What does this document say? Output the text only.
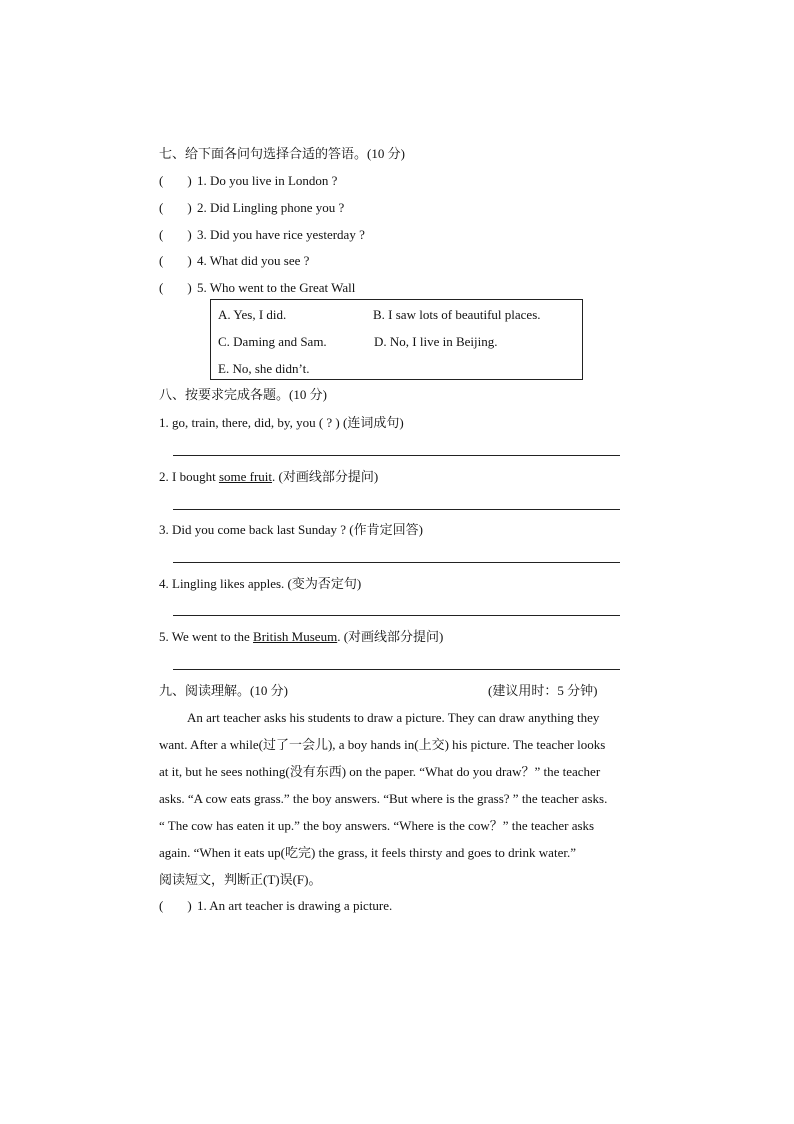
七、给下面各问句选择合适的答语。(10 分)
( ) 1. Do you live in London ?
( ) 2. Did Lingling phone you ?
( ) 3. Did you have rice yesterday ?
( ) 4. What did you see ?
( ) 5. Who went to the Great Wall
A. Yes, I did.	B. I saw lots of beautiful places.
C. Daming and Sam.	D. No, I live in Beijing.
E. No, she didn’t.
八、按要求完成各题。(10 分)
1. go, train, there, did, by, you ( ? ) (连词成句)
2. I bought some fruit. (对画线部分提问)
3. Did you come back last Sunday ? (作肯定回答)
4. Lingling likes apples. (变为否定句)
5. We went to the British Museum. (对画线部分提问)
九、阅读理解。(10 分)	(建议用时：5 分钟)
An art teacher asks his students to draw a picture. They can draw anything they
want. After a while(过了一会儿), a boy hands in(上交) his picture. The teacher looks
at it, but he sees nothing(没有东西) on the paper. “What do you draw？” the teacher
asks. “A cow eats grass.” the boy answers. “But where is the grass? ” the teacher asks.
“ The cow has eaten it up.” the boy answers. “Where is the cow？” the teacher asks
again. “When it eats up(吃完) the grass, it feels thirsty and goes to drink water.”
阅读短文，判断正(T)误(F)。
( ) 1. An art teacher is drawing a picture.
